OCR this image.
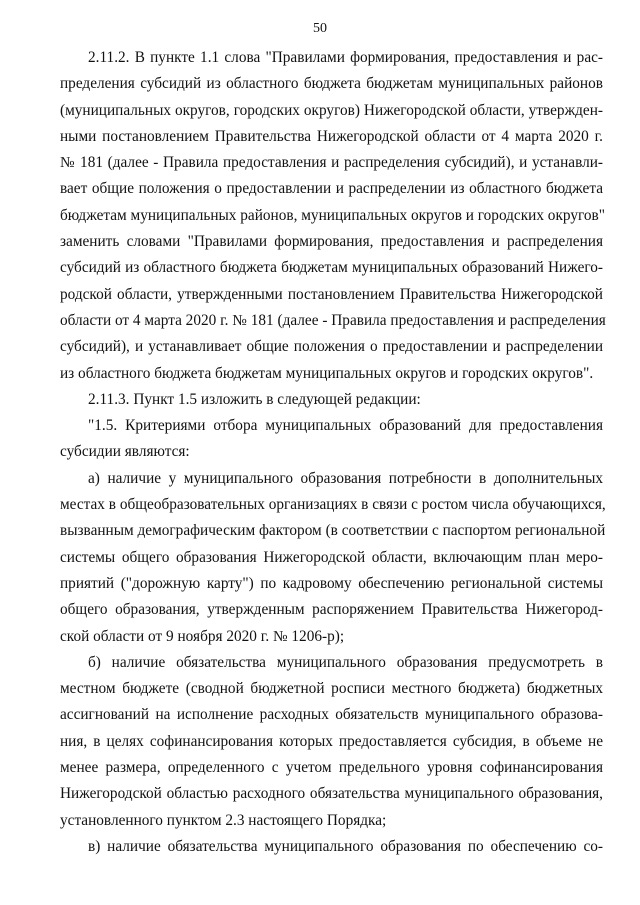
50
2.11.2. В пункте 1.1 слова "Правилами формирования, предоставления и рас-
пределения субсидий из областного бюджета бюджетам муниципальных районов
(муниципальных округов, городских округов) Нижегородской области, утвержден-
ными постановлением Правительства Нижегородской области от 4 марта 2020 г.
№ 181 (далее - Правила предоставления и распределения субсидий), и устанавли-
вает общие положения о предоставлении и распределении из областного бюджета
бюджетам муниципальных районов, муниципальных округов и городских округов"
заменить словами "Правилами формирования, предоставления и распределения
субсидий из областного бюджета бюджетам муниципальных образований Нижего-
родской области, утвержденными постановлением Правительства Нижегородской
области от 4 марта 2020 г. № 181 (далее - Правила предоставления и распределения
субсидий), и устанавливает общие положения о предоставлении и распределении
из областного бюджета бюджетам муниципальных округов и городских округов".
2.11.3. Пункт 1.5 изложить в следующей редакции:
"1.5. Критериями отбора муниципальных образований для предоставления
субсидии являются:
а) наличие у муниципального образования потребности в дополнительных
местах в общеобразовательных организациях в связи с ростом числа обучающихся,
вызванным демографическим фактором (в соответствии с паспортом региональной
системы общего образования Нижегородской области, включающим план меро-
приятий ("дорожную карту") по кадровому обеспечению региональной системы
общего образования, утвержденным распоряжением Правительства Нижегород-
ской области от 9 ноября 2020 г. № 1206-р);
б) наличие обязательства муниципального образования предусмотреть в
местном бюджете (сводной бюджетной росписи местного бюджета) бюджетных
ассигнований на исполнение расходных обязательств муниципального образова-
ния, в целях софинансирования которых предоставляется субсидия, в объеме не
менее размера, определенного с учетом предельного уровня софинансирования
Нижегородской областью расходного обязательства муниципального образования,
установленного пунктом 2.3 настоящего Порядка;
в) наличие обязательства муниципального образования по обеспечению со-
